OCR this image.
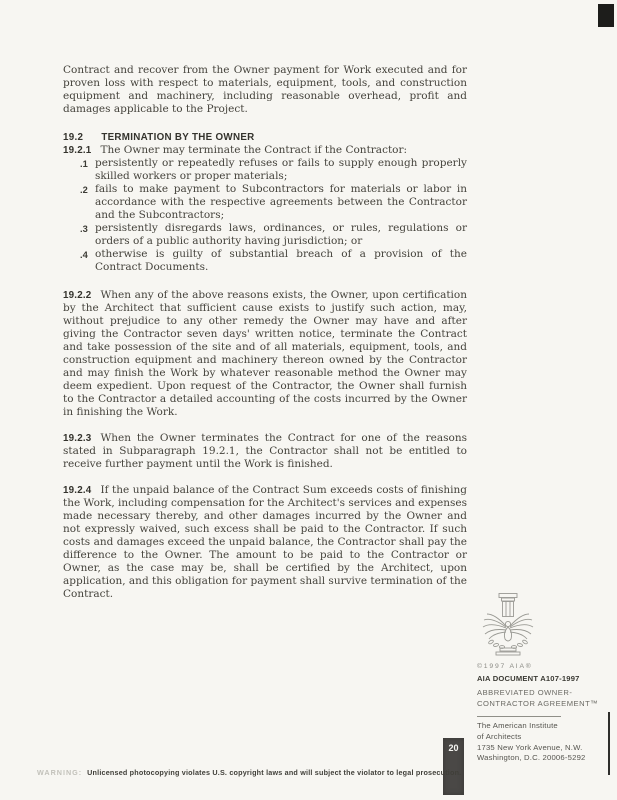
Contract and recover from the Owner payment for Work executed and for proven loss with respect to materials, equipment, tools, and construction equipment and machinery, including reasonable overhead, profit and damages applicable to the Project.

19.2 TERMINATION BY THE OWNER
19.2.1 The Owner may terminate the Contract if the Contractor:
.1 persistently or repeatedly refuses or fails to supply enough properly skilled workers or proper materials;
.2 fails to make payment to Subcontractors for materials or labor in accordance with the respective agreements between the Contractor and the Subcontractors;
.3 persistently disregards laws, ordinances, or rules, regulations or orders of a public authority having jurisdiction; or
.4 otherwise is guilty of substantial breach of a provision of the Contract Documents.

19.2.2 When any of the above reasons exists, the Owner, upon certification by the Architect that sufficient cause exists to justify such action, may, without prejudice to any other remedy the Owner may have and after giving the Contractor seven days' written notice, terminate the Contract and take possession of the site and of all materials, equipment, tools, and construction equipment and machinery thereon owned by the Contractor and may finish the Work by whatever reasonable method the Owner may deem expedient. Upon request of the Contractor, the Owner shall furnish to the Contractor a detailed accounting of the costs incurred by the Owner in finishing the Work.

19.2.3 When the Owner terminates the Contract for one of the reasons stated in Subparagraph 19.2.1, the Contractor shall not be entitled to receive further payment until the Work is finished.

19.2.4 If the unpaid balance of the Contract Sum exceeds costs of finishing the Work, including compensation for the Architect's services and expenses made necessary thereby, and other damages incurred by the Owner and not expressly waived, such excess shall be paid to the Contractor. If such costs and damages exceed the unpaid balance, the Contractor shall pay the difference to the Owner. The amount to be paid to the Contractor or Owner, as the case may be, shall be certified by the Architect, upon application, and this obligation for payment shall survive termination of the Contract.

©1997 AIA®
AIA DOCUMENT A107-1997
ABBREVIATED OWNER-
CONTRACTOR AGREEMENT™
The American Institute
of Architects
1735 New York Avenue, N.W.
Washington, D.C. 20006-5292
20
WARNING: Unlicensed photocopying violates U.S. copyright laws and will subject the violator to legal prosecution.
